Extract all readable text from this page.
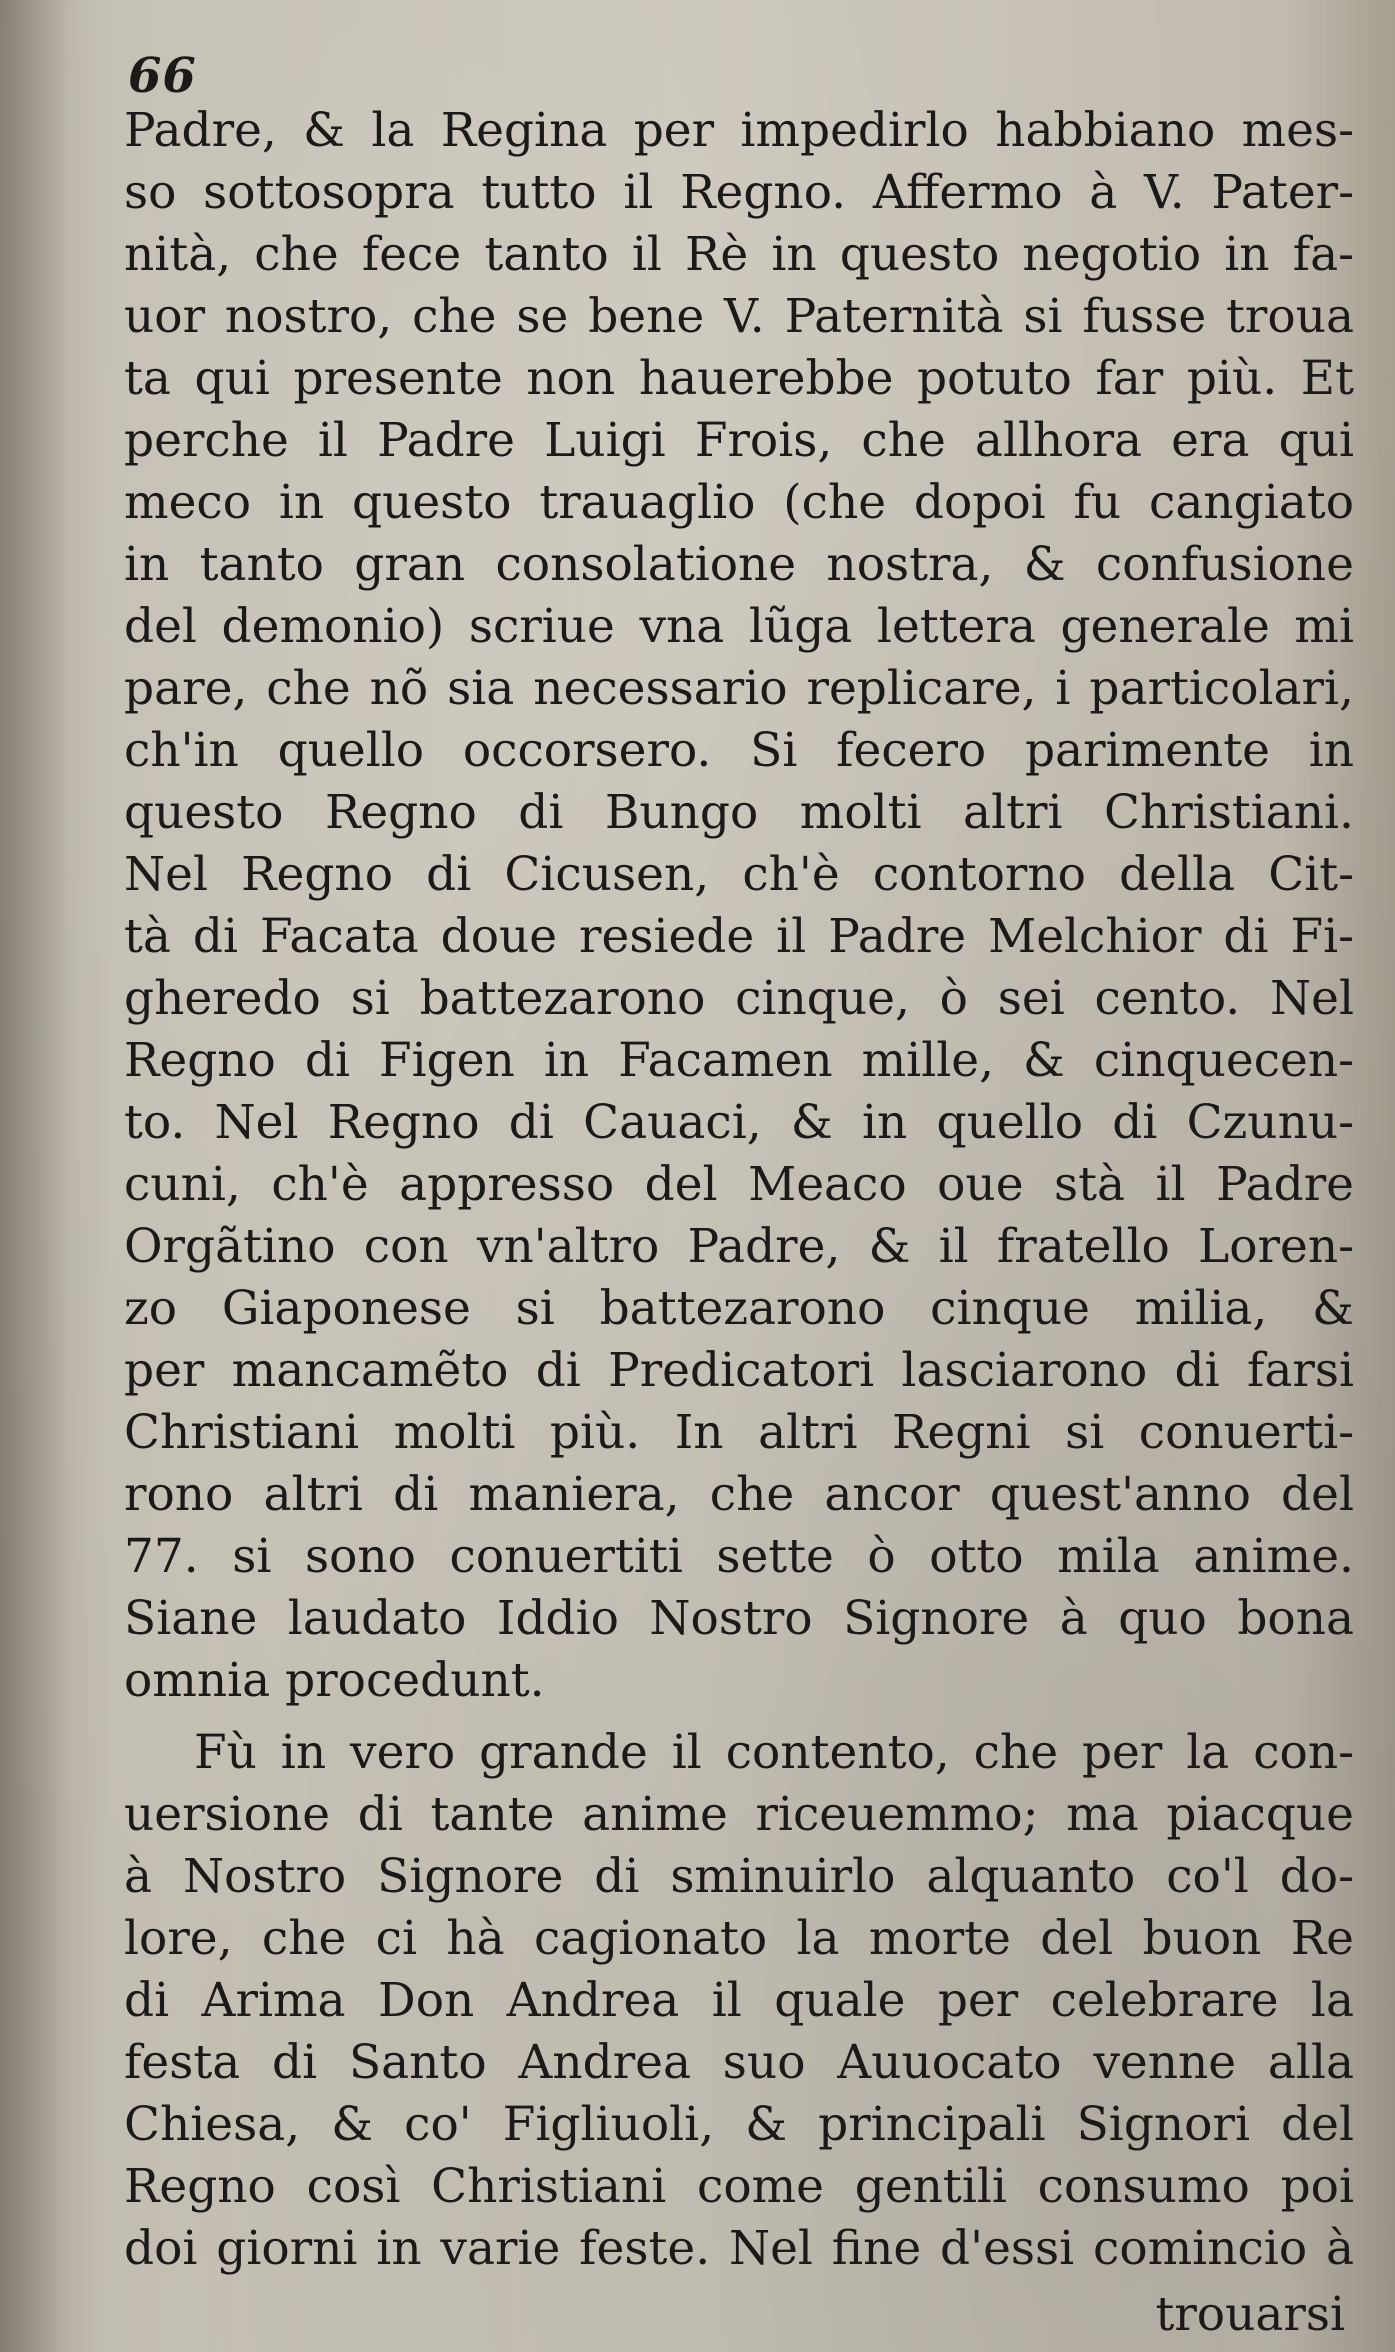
66
Padre, & la Regina per impedirlo habbiano mes-
so sottosopra tutto il Regno. Affermo à V. Pater-
nità, che fece tanto il Rè in questo negotio in fa-
uor nostro, che se bene V. Paternità si fusse troua
ta qui presente non hauerebbe potuto far più. Et
perche il Padre Luigi Frois, che allhora era qui
meco in questo trauaglio (che dopoi fu cangiato
in tanto gran consolatione nostra, & confusione
del demonio) scriue vna lũga lettera generale mi
pare, che nõ sia necessario replicare, i particolari,
ch'in quello occorsero. Si fecero parimente in
questo Regno di Bungo molti altri Christiani.
Nel Regno di Cicusen, ch'è contorno della Cit-
tà di Facata doue resiede il Padre Melchior di Fi-
gheredo si battezarono cinque, ò sei cento. Nel
Regno di Figen in Facamen mille, & cinquecen-
to. Nel Regno di Cauaci, & in quello di Czunu-
cuni, ch'è appresso del Meaco oue stà il Padre
Orgãtino con vn'altro Padre, & il fratello Loren-
zo Giaponese si battezarono cinque milia, &
per mancamẽto di Predicatori lasciarono di farsi
Christiani molti più. In altri Regni si conuerti-
rono altri di maniera, che ancor quest'anno del
77. si sono conuertiti sette ò otto mila anime.
Siane laudato Iddio Nostro Signore à quo bona
omnia procedunt.
Fù in vero grande il contento, che per la con-
uersione di tante anime riceuemmo; ma piacque
à Nostro Signore di sminuirlo alquanto co'l do-
lore, che ci hà cagionato la morte del buon Re
di Arima Don Andrea il quale per celebrare la
festa di Santo Andrea suo Auuocato venne alla
Chiesa, & co' Figliuoli, & principali Signori del
Regno così Christiani come gentili consumo poi
doi giorni in varie feste. Nel fine d'essi comincio à
trouarsi
